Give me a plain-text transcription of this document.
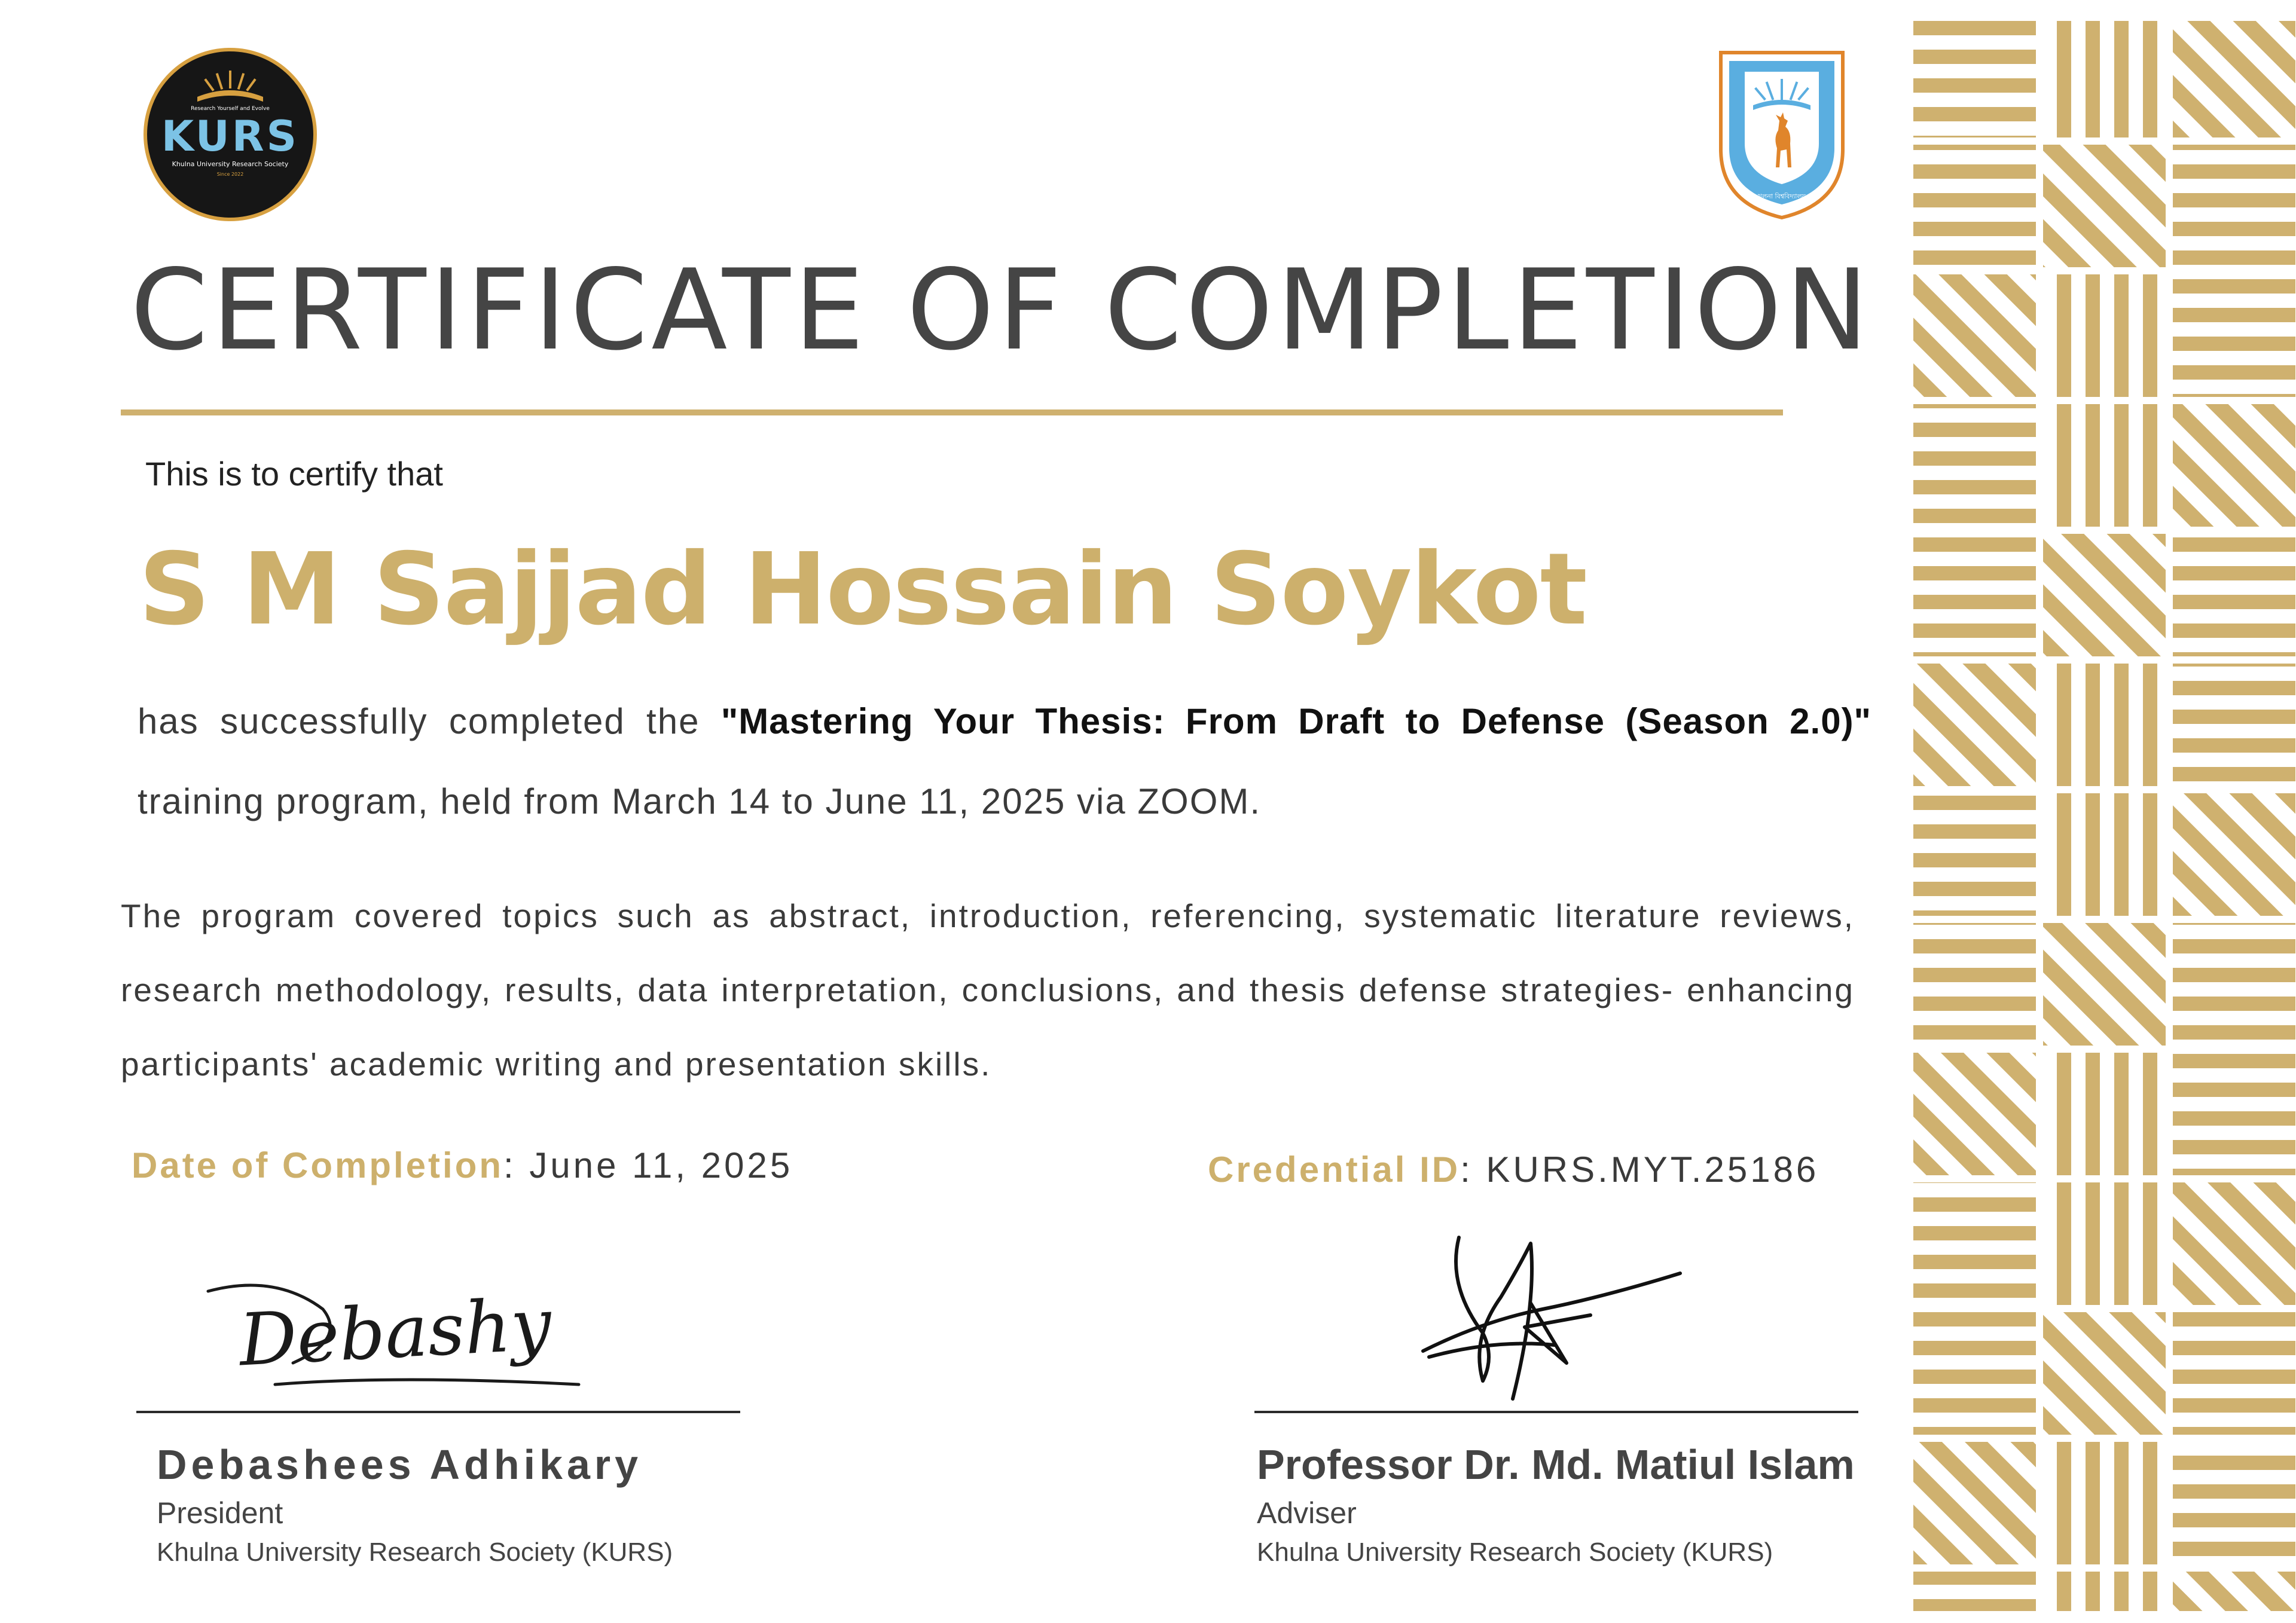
Research Yourself and Evolve
KURS
Khulna University Research Society
Since 2022
খুলনা বিশ্ববিদ্যালয়
CERTIFICATE OF COMPLETION
This is to certify that
S M Sajjad Hossain Soykot
has successfully completed the "Mastering Your Thesis: From Draft to Defense (Season 2.0)" training program, held from March 14 to June 11, 2025 via ZOOM.
The program covered topics such as abstract, introduction, referencing, systematic literature reviews, research methodology, results, data interpretation, conclusions, and thesis defense strategies- enhancing participants' academic writing and presentation skills.
Date of Completion: June 11, 2025	Credential ID: KURS.MYT.25186
Debashy
Debashees Adhikary
President
Khulna University Research Society (KURS)
Professor Dr. Md. Matiul Islam
Adviser
Khulna University Research Society (KURS)
